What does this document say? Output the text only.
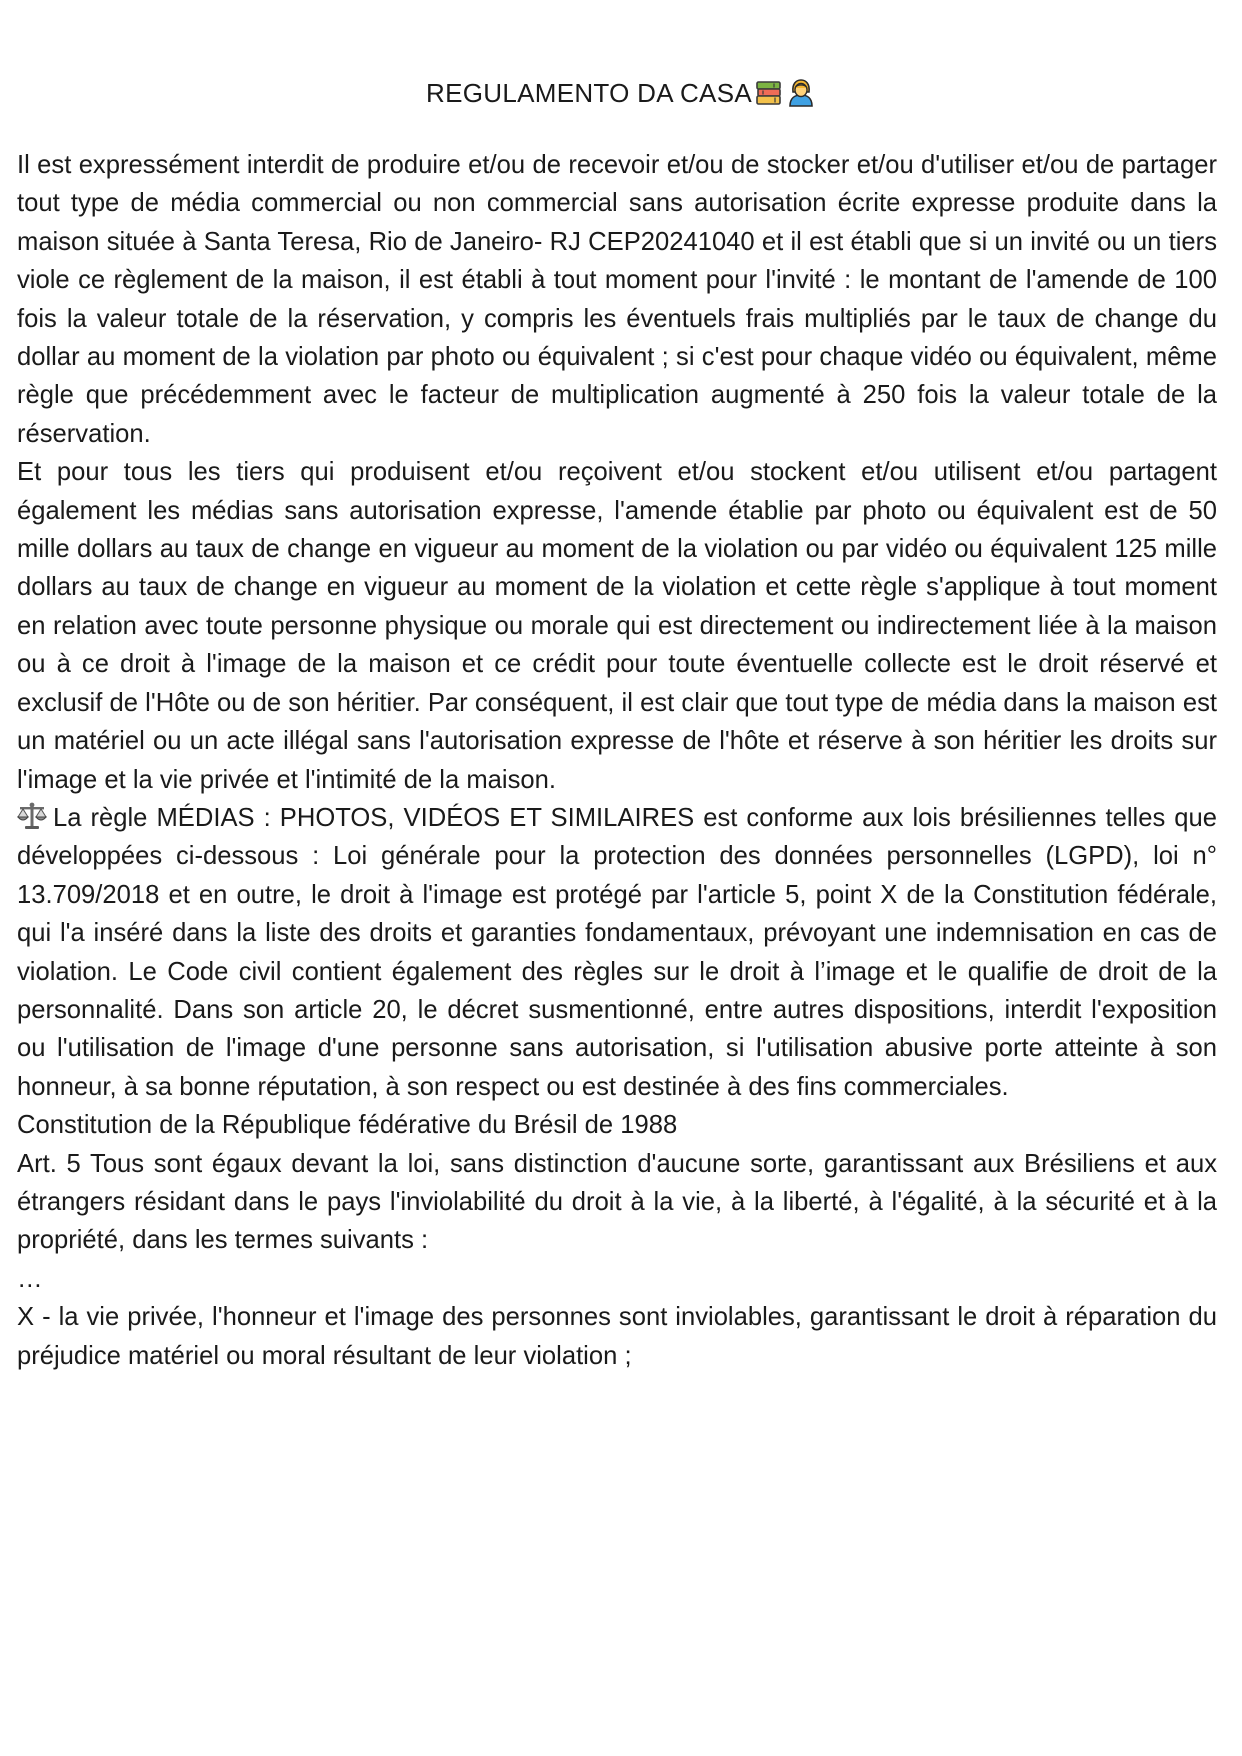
REGULAMENTO DA CASA

Il est expressément interdit de produire et/ou de recevoir et/ou de stocker et/ou d'utiliser et/ou de partager tout type de média commercial ou non commercial sans autorisation écrite expresse produite dans la maison située à Santa Teresa, Rio de Janeiro- RJ CEP20241040 et il est établi que si un invité ou un tiers viole ce règlement de la maison, il est établi à tout moment pour l'invité : le montant de l'amende de 100 fois la valeur totale de la réservation, y compris les éventuels frais multipliés par le taux de change du dollar au moment de la violation par photo ou équivalent ; si c'est pour chaque vidéo ou équivalent, même règle que précédemment avec le facteur de multiplication augmenté à 250 fois la valeur totale de la réservation.

Et pour tous les tiers qui produisent et/ou reçoivent et/ou stockent et/ou utilisent et/ou partagent également les médias sans autorisation expresse, l'amende établie par photo ou équivalent est de 50 mille dollars au taux de change en vigueur au moment de la violation ou par vidéo ou équivalent 125 mille dollars au taux de change en vigueur au moment de la violation et cette règle s'applique à tout moment en relation avec toute personne physique ou morale qui est directement ou indirectement liée à la maison ou à ce droit à l'image de la maison et ce crédit pour toute éventuelle collecte est le droit réservé et exclusif de l'Hôte ou de son héritier. Par conséquent, il est clair que tout type de média dans la maison est un matériel ou un acte illégal sans l'autorisation expresse de l'hôte et réserve à son héritier les droits sur l'image et la vie privée et l'intimité de la maison.

La règle MÉDIAS : PHOTOS, VIDÉOS ET SIMILAIRES est conforme aux lois brésiliennes telles que développées ci-dessous : Loi générale pour la protection des données personnelles (LGPD), loi n° 13.709/2018 et en outre, le droit à l'image est protégé par l'article 5, point X de la Constitution fédérale, qui l'a inséré dans la liste des droits et garanties fondamentaux, prévoyant une indemnisation en cas de violation. Le Code civil contient également des règles sur le droit à l’image et le qualifie de droit de la personnalité. Dans son article 20, le décret susmentionné, entre autres dispositions, interdit l'exposition ou l'utilisation de l'image d'une personne sans autorisation, si l'utilisation abusive porte atteinte à son honneur, à sa bonne réputation, à son respect ou est destinée à des fins commerciales.

Constitution de la République fédérative du Brésil de 1988

Art. 5 Tous sont égaux devant la loi, sans distinction d'aucune sorte, garantissant aux Brésiliens et aux étrangers résidant dans le pays l'inviolabilité du droit à la vie, à la liberté, à l'égalité, à la sécurité et à la propriété, dans les termes suivants :

…

X - la vie privée, l'honneur et l'image des personnes sont inviolables, garantissant le droit à réparation du préjudice matériel ou moral résultant de leur violation ;
